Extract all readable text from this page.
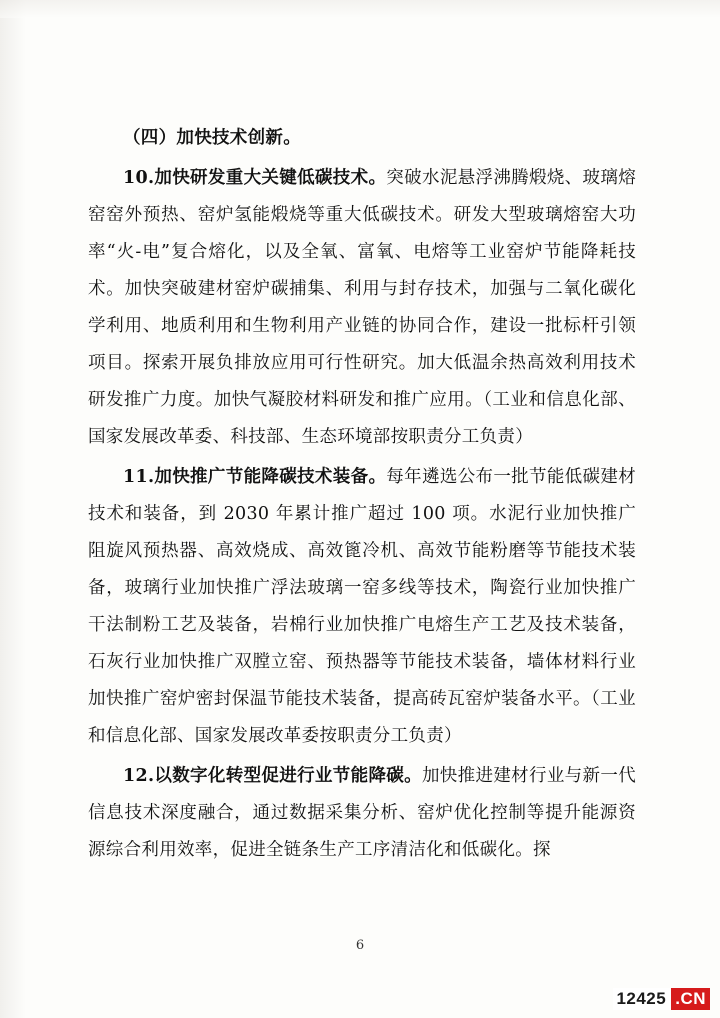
（四）加快技术创新。

10.加快研发重大关键低碳技术。突破水泥悬浮沸腾煅烧、玻璃熔窑窑外预热、窑炉氢能煅烧等重大低碳技术。研发大型玻璃熔窑大功率“火-电”复合熔化，以及全氧、富氧、电熔等工业窑炉节能降耗技术。加快突破建材窑炉碳捕集、利用与封存技术，加强与二氧化碳化学利用、地质利用和生物利用产业链的协同合作，建设一批标杆引领项目。探索开展负排放应用可行性研究。加大低温余热高效利用技术研发推广力度。加快气凝胶材料研发和推广应用。（工业和信息化部、国家发展改革委、科技部、生态环境部按职责分工负责）

11.加快推广节能降碳技术装备。每年遴选公布一批节能低碳建材技术和装备，到 2030 年累计推广超过 100 项。水泥行业加快推广阻旋风预热器、高效烧成、高效篦冷机、高效节能粉磨等节能技术装备，玻璃行业加快推广浮法玻璃一窑多线等技术，陶瓷行业加快推广干法制粉工艺及装备，岩棉行业加快推广电熔生产工艺及技术装备，石灰行业加快推广双膛立窑、预热器等节能技术装备，墙体材料行业加快推广窑炉密封保温节能技术装备，提高砖瓦窑炉装备水平。（工业和信息化部、国家发展改革委按职责分工负责）

12.以数字化转型促进行业节能降碳。加快推进建材行业与新一代信息技术深度融合，通过数据采集分析、窑炉优化控制等提升能源资源综合利用效率，促进全链条生产工序清洁化和低碳化。探

6
12425 .CN
